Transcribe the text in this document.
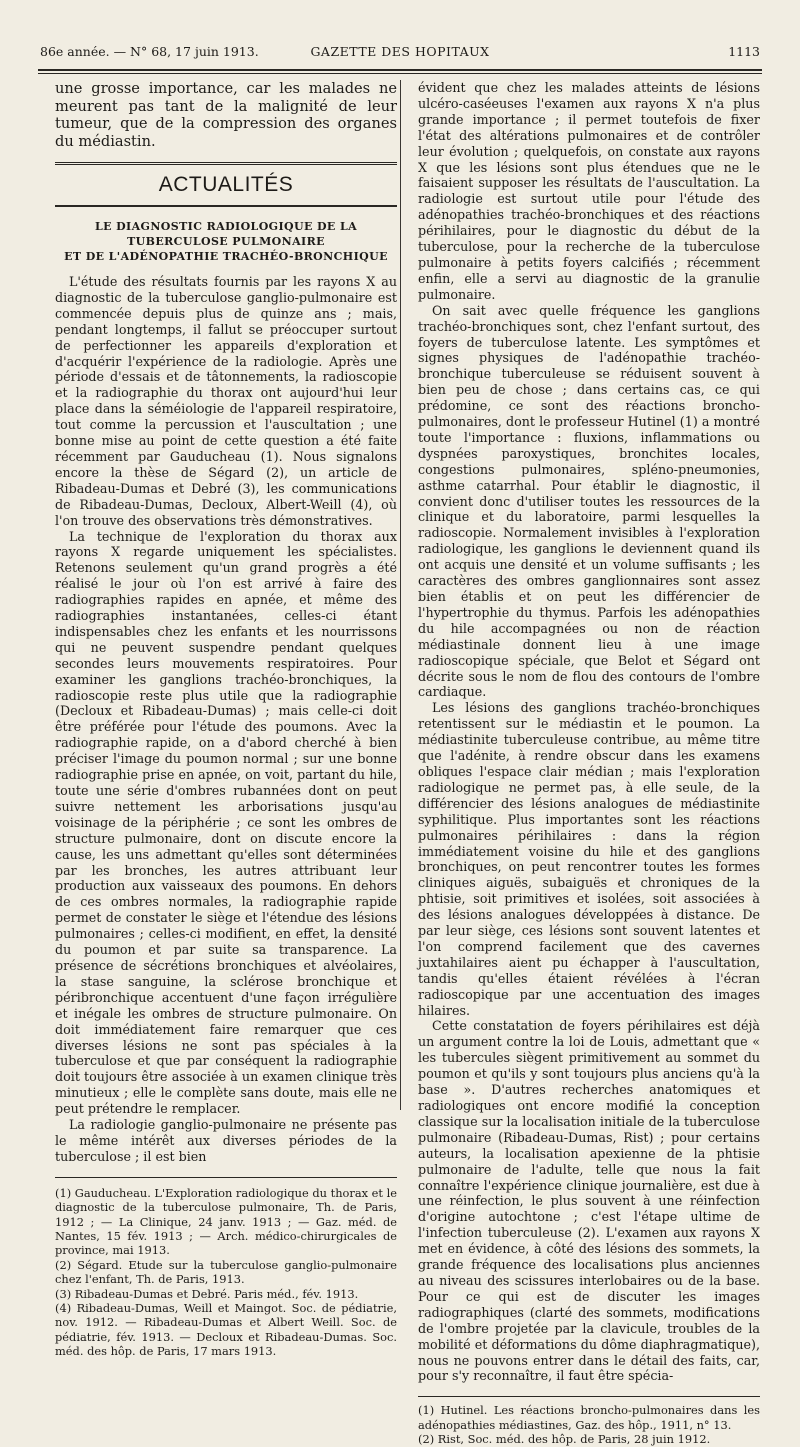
86e année. — N° 68, 17 juin 1913.	GAZETTE DES HOPITAUX	1113

une grosse importance, car les malades ne meurent pas tant de la malignité de leur tumeur, que de la compression des organes du médiastin.

ACTUALITÉS
LE DIAGNOSTIC RADIOLOGIQUE DE LA TUBERCULOSE PULMONAIRE
ET DE L'ADÉNOPATHIE TRACHÉO-BRONCHIQUE

L'étude des résultats fournis par les rayons X au diagnostic de la tuberculose ganglio-pulmonaire est commencée depuis plus de quinze ans ; mais, pendant longtemps, il fallut se préoccuper surtout de perfectionner les appareils d'exploration et d'acquérir l'expérience de la radiologie. Après une période d'essais et de tâtonnements, la radioscopie et la radiographie du thorax ont aujourd'hui leur place dans la séméiologie de l'appareil respiratoire, tout comme la percussion et l'auscultation ; une bonne mise au point de cette question a été faite récemment par Gauducheau (1). Nous signalons encore la thèse de Ségard (2), un article de Ribadeau-Dumas et Debré (3), les communications de Ribadeau-Dumas, Decloux, Albert-Weill (4), où l'on trouve des observations très démonstratives.

La technique de l'exploration du thorax aux rayons X regarde uniquement les spécialistes. Retenons seulement qu'un grand progrès a été réalisé le jour où l'on est arrivé à faire des radiographies rapides en apnée, et même des radiographies instantanées, celles-ci étant indispensables chez les enfants et les nourrissons qui ne peuvent suspendre pendant quelques secondes leurs mouvements respiratoires. Pour examiner les ganglions trachéo-bronchiques, la radioscopie reste plus utile que la radiographie (Decloux et Ribadeau-Dumas) ; mais celle-ci doit être préférée pour l'étude des poumons. Avec la radiographie rapide, on a d'abord cherché à bien préciser l'image du poumon normal ; sur une bonne radiographie prise en apnée, on voit, partant du hile, toute une série d'ombres rubannées dont on peut suivre nettement les arborisations jusqu'au voisinage de la périphérie ; ce sont les ombres de structure pulmonaire, dont on discute encore la cause, les uns admettant qu'elles sont déterminées par les bronches, les autres attribuant leur production aux vaisseaux des poumons. En dehors de ces ombres normales, la radiographie rapide permet de constater le siège et l'étendue des lésions pulmonaires ; celles-ci modifient, en effet, la densité du poumon et par suite sa transparence. La présence de sécrétions bronchiques et alvéolaires, la stase sanguine, la sclérose bronchique et péribronchique accentuent d'une façon irrégulière et inégale les ombres de structure pulmonaire. On doit immédiatement faire remarquer que ces diverses lésions ne sont pas spéciales à la tuberculose et que par conséquent la radiographie doit toujours être associée à un examen clinique très minutieux ; elle le complète sans doute, mais elle ne peut prétendre le remplacer.

La radiologie ganglio-pulmonaire ne présente pas le même intérêt aux diverses périodes de la tuberculose ; il est bien

(1) Gauducheau. L'Exploration radiologique du thorax et le diagnostic de la tuberculose pulmonaire, Th. de Paris, 1912 ; — La Clinique, 24 janv. 1913 ; — Gaz. méd. de Nantes, 15 fév. 1913 ; — Arch. médico-chirurgicales de province, mai 1913.

(2) Ségard. Etude sur la tuberculose ganglio-pulmonaire chez l'enfant, Th. de Paris, 1913.

(3) Ribadeau-Dumas et Debré. Paris méd., fév. 1913.

(4) Ribadeau-Dumas, Weill et Maingot. Soc. de pédiatrie, nov. 1912. — Ribadeau-Dumas et Albert Weill. Soc. de pédiatrie, fév. 1913. — Decloux et Ribadeau-Dumas. Soc. méd. des hôp. de Paris, 17 mars 1913.

évident que chez les malades atteints de lésions ulcéro-caséeuses l'examen aux rayons X n'a plus grande importance ; il permet toutefois de fixer l'état des altérations pulmonaires et de contrôler leur évolution ; quelquefois, on constate aux rayons X que les lésions sont plus étendues que ne le faisaient supposer les résultats de l'auscultation. La radiologie est surtout utile pour l'étude des adénopathies trachéo-bronchiques et des réactions périhilaires, pour le diagnostic du début de la tuberculose, pour la recherche de la tuberculose pulmonaire à petits foyers calcifiés ; récemment enfin, elle a servi au diagnostic de la granulie pulmonaire.

On sait avec quelle fréquence les ganglions trachéo-bronchiques sont, chez l'enfant surtout, des foyers de tuberculose latente. Les symptômes et signes physiques de l'adénopathie trachéo-bronchique tuberculeuse se réduisent souvent à bien peu de chose ; dans certains cas, ce qui prédomine, ce sont des réactions broncho-pulmonaires, dont le professeur Hutinel (1) a montré toute l'importance : fluxions, inflammations ou dyspnées paroxystiques, bronchites locales, congestions pulmonaires, spléno-pneumonies, asthme catarrhal. Pour établir le diagnostic, il convient donc d'utiliser toutes les ressources de la clinique et du laboratoire, parmi lesquelles la radioscopie. Normalement invisibles à l'exploration radiologique, les ganglions le deviennent quand ils ont acquis une densité et un volume suffisants ; les caractères des ombres ganglionnaires sont assez bien établis et on peut les différencier de l'hypertrophie du thymus. Parfois les adénopathies du hile accompagnées ou non de réaction médiastinale donnent lieu à une image radioscopique spéciale, que Belot et Ségard ont décrite sous le nom de flou des contours de l'ombre cardiaque.

Les lésions des ganglions trachéo-bronchiques retentissent sur le médiastin et le poumon. La médiastinite tuberculeuse contribue, au même titre que l'adénite, à rendre obscur dans les examens obliques l'espace clair médian ; mais l'exploration radiologique ne permet pas, à elle seule, de la différencier des lésions analogues de médiastinite syphilitique. Plus importantes sont les réactions pulmonaires périhilaires : dans la région immédiatement voisine du hile et des ganglions bronchiques, on peut rencontrer toutes les formes cliniques aiguës, subaiguës et chroniques de la phtisie, soit primitives et isolées, soit associées à des lésions analogues développées à distance. De par leur siège, ces lésions sont souvent latentes et l'on comprend facilement que des cavernes juxtahilaires aient pu échapper à l'auscultation, tandis qu'elles étaient révélées à l'écran radioscopique par une accentuation des images hilaires.

Cette constatation de foyers périhilaires est déjà un argument contre la loi de Louis, admettant que « les tubercules siègent primitivement au sommet du poumon et qu'ils y sont toujours plus anciens qu'à la base ». D'autres recherches anatomiques et radiologiques ont encore modifié la conception classique sur la localisation initiale de la tuberculose pulmonaire (Ribadeau-Dumas, Rist) ; pour certains auteurs, la localisation apexienne de la phtisie pulmonaire de l'adulte, telle que nous la fait connaître l'expérience clinique journalière, est due à une réinfection, le plus souvent à une réinfection d'origine autochtone ; c'est l'étape ultime de l'infection tuberculeuse (2). L'examen aux rayons X met en évidence, à côté des lésions des sommets, la grande fréquence des localisations plus anciennes au niveau des scissures interlobaires ou de la base. Pour ce qui est de discuter les images radiographiques (clarté des sommets, modifications de l'ombre projetée par la clavicule, troubles de la mobilité et déformations du dôme diaphragmatique), nous ne pouvons entrer dans le détail des faits, car, pour s'y reconnaître, il faut être spécia-

(1) Hutinel. Les réactions broncho-pulmonaires dans les adénopathies médiastines, Gaz. des hôp., 1911, n° 13.

(2) Rist, Soc. méd. des hôp. de Paris, 28 juin 1912.
